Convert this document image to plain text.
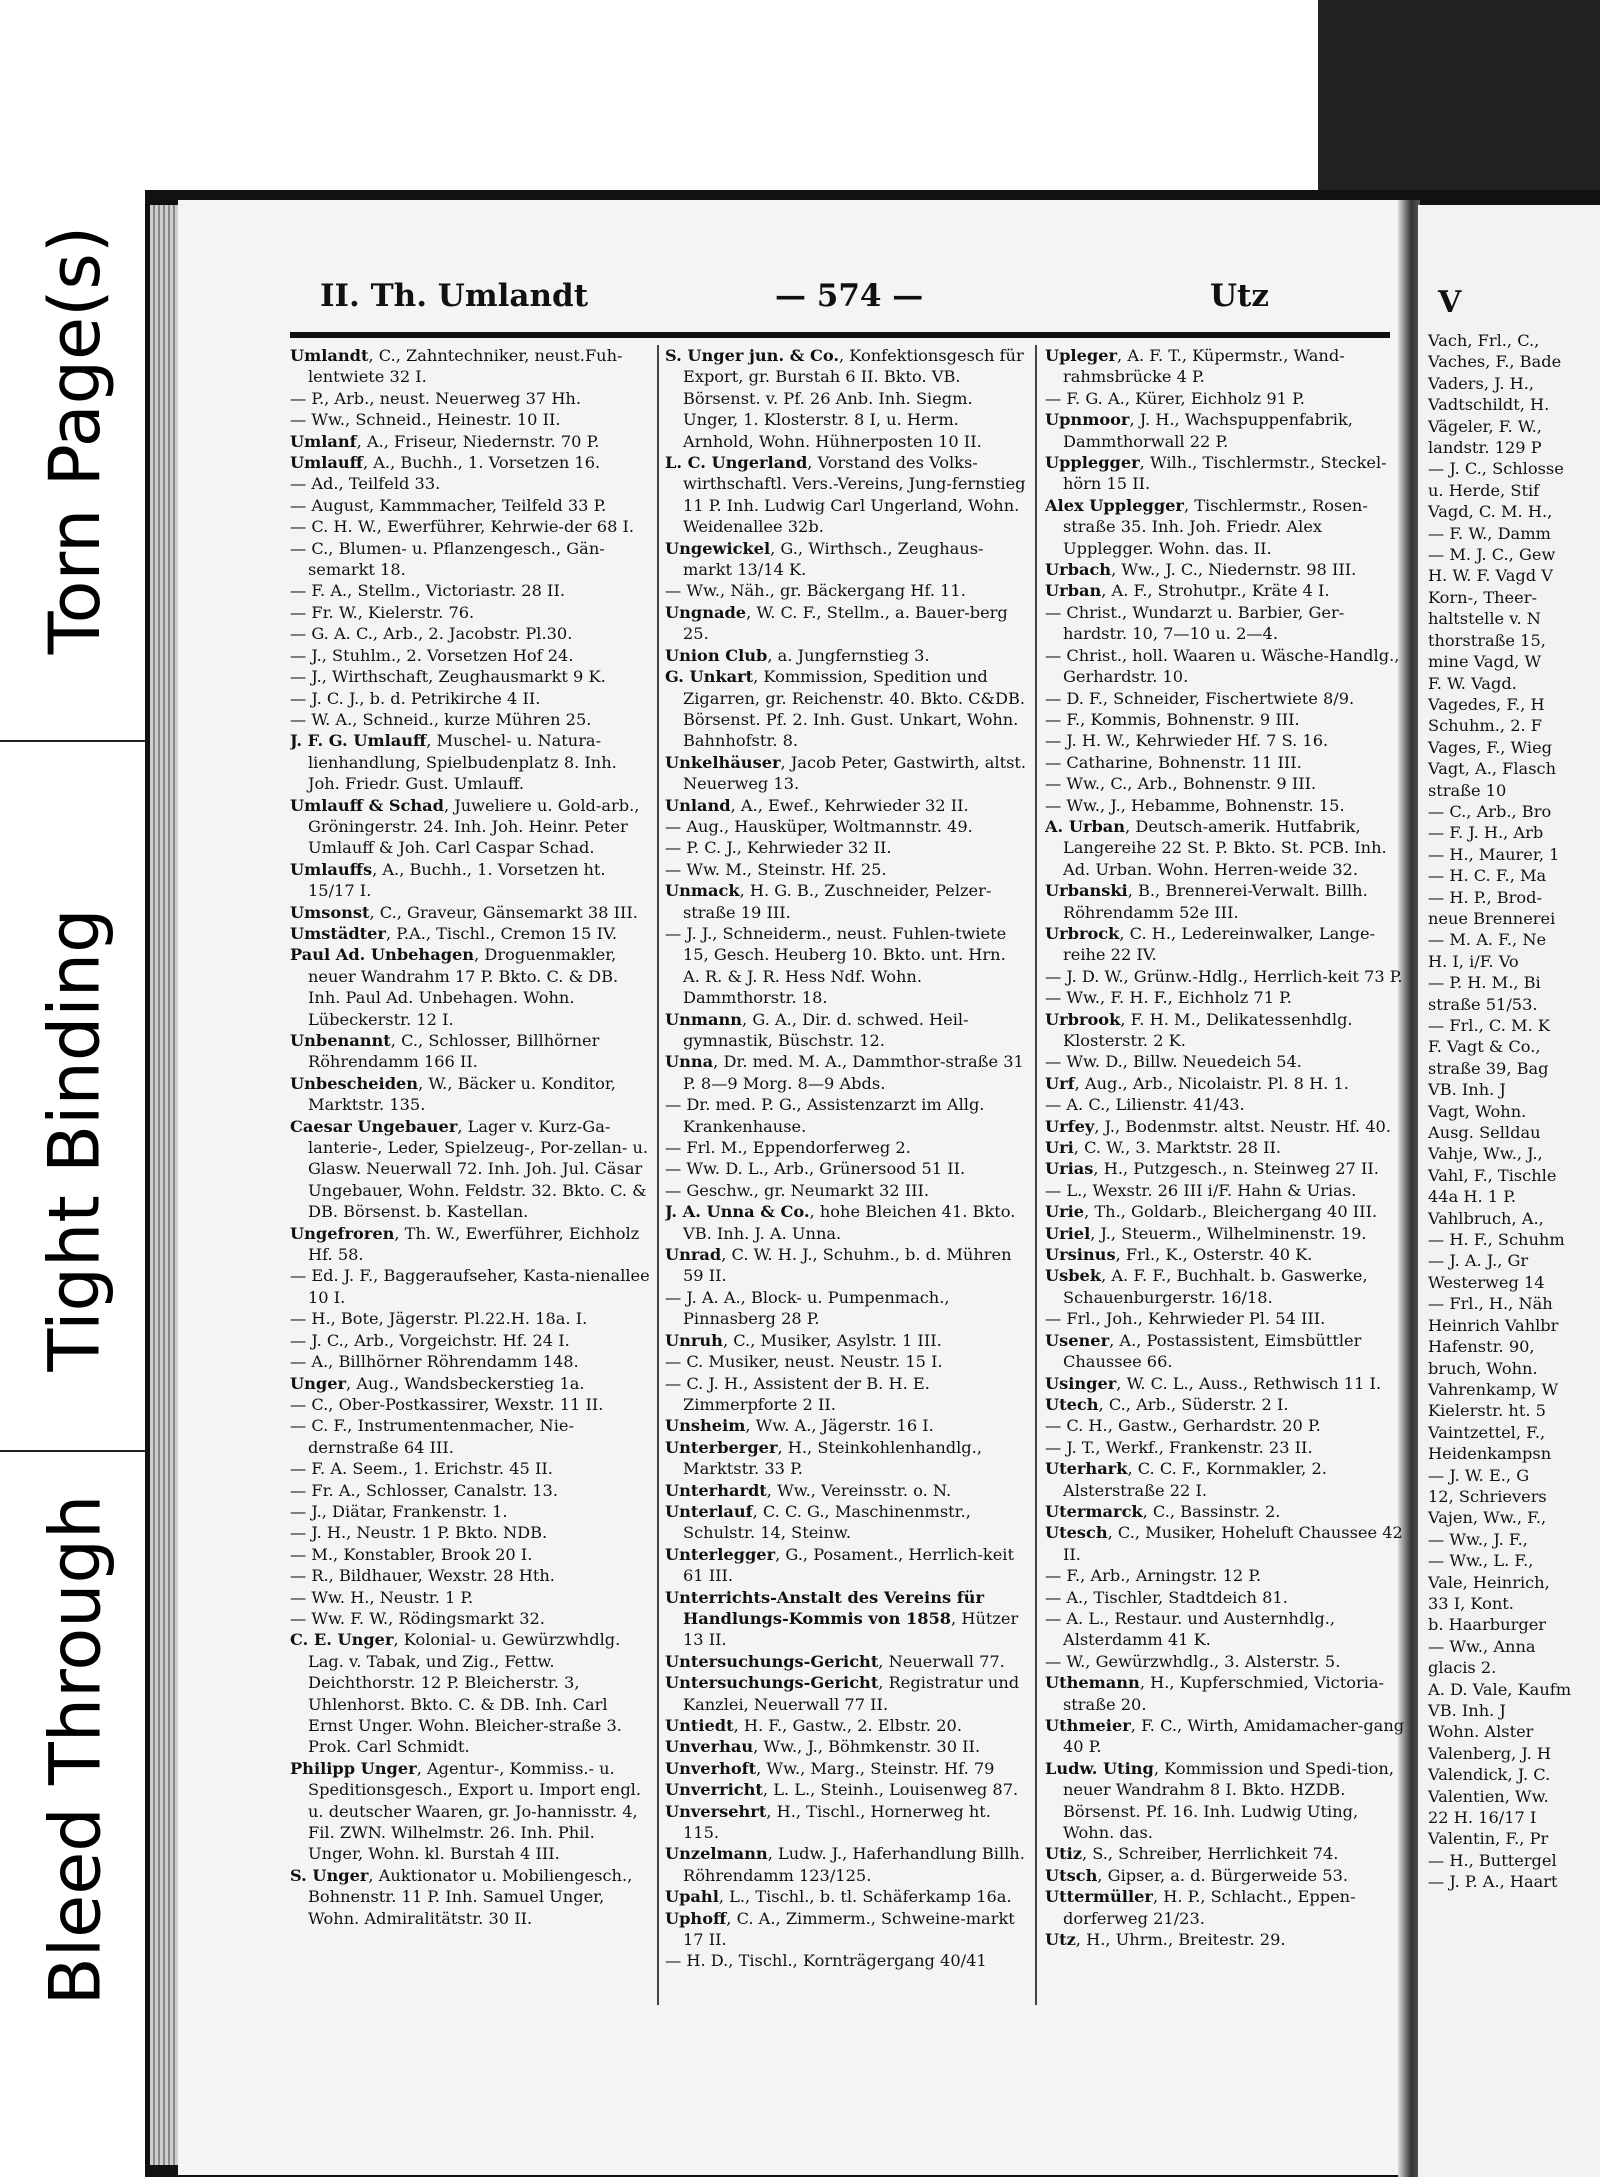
Torn Page(s)
Tight Binding
Bleed Through
V
Vach, Frl., C.,
Vaches, F., Bade
Vaders, J. H.,
Vadtschildt, H.
Vägeler, F. W.,
landstr. 129 P
— J. C., Schlosse
u. Herde, Stif
Vagd, C. M. H.,
— F. W., Damm
— M. J. C., Gew
H. W. F. Vagd V
Korn-, Theer-
haltstelle v. N
thorstraße 15,
mine Vagd, W
F. W. Vagd.
Vagedes, F., H
Schuhm., 2. F
Vages, F., Wieg
Vagt, A., Flasch
straße 10
— C., Arb., Bro
— F. J. H., Arb
— H., Maurer, 1
— H. C. F., Ma
— H. P., Brod-
neue Brennerei
— M. A. F., Ne
H. I, i/F. Vo
— P. H. M., Bi
straße 51/53.
— Frl., C. M. K
F. Vagt & Co.,
straße 39, Bag
VB. Inh. J
Vagt, Wohn.
Ausg. Selldau
Vahje, Ww., J.,
Vahl, F., Tischle
44a H. 1 P.
Vahlbruch, A.,
— H. F., Schuhm
— J. A. J., Gr
Westerweg 14
— Frl., H., Näh
Heinrich Vahlbr
Hafenstr. 90,
bruch, Wohn.
Vahrenkamp, W
Kielerstr. ht. 5
Vaintzettel, F.,
Heidenkampsn
— J. W. E., G
12, Schrievers
Vajen, Ww., F.,
— Ww., J. F.,
— Ww., L. F.,
Vale, Heinrich,
33 I, Kont.
b. Haarburger
— Ww., Anna
glacis 2.
A. D. Vale, Kaufm
VB. Inh. J
Wohn. Alster
Valenberg, J. H
Valendick, J. C.
Valentien, Ww.
22 H. 16/17 I
Valentin, F., Pr
— H., Buttergel
— J. P. A., Haart
II. Th. Umlandt	— 574 —	Utz

Umlandt, C., Zahntechniker, neust.Fuh-lentwiete 32 I.

— P., Arb., neust. Neuerweg 37 Hh.

— Ww., Schneid., Heinestr. 10 II.

Umlanf, A., Friseur, Niedernstr. 70 P.

Umlauff, A., Buchh., 1. Vorsetzen 16.

— Ad., Teilfeld 33.

— August, Kammmacher, Teilfeld 33 P.

— C. H. W., Ewerführer, Kehrwie-der 68 I.

— C., Blumen- u. Pflanzengesch., Gän-semarkt 18.

— F. A., Stellm., Victoriastr. 28 II.

— Fr. W., Kielerstr. 76.

— G. A. C., Arb., 2. Jacobstr. Pl.30.

— J., Stuhlm., 2. Vorsetzen Hof 24.

— J., Wirthschaft, Zeughausmarkt 9 K.

— J. C. J., b. d. Petrikirche 4 II.

— W. A., Schneid., kurze Mühren 25.

J. F. G. Umlauff, Muschel- u. Natura-lienhandlung, Spielbudenplatz 8. Inh. Joh. Friedr. Gust. Umlauff.

Umlauff & Schad, Juweliere u. Gold-arb., Gröningerstr. 24. Inh. Joh. Heinr. Peter Umlauff & Joh. Carl Caspar Schad.

Umlauffs, A., Buchh., 1. Vorsetzen ht. 15/17 I.

Umsonst, C., Graveur, Gänsemarkt 38 III.

Umstädter, P.A., Tischl., Cremon 15 IV.

Paul Ad. Unbehagen, Droguenmakler, neuer Wandrahm 17 P. Bkto. C. & DB. Inh. Paul Ad. Unbehagen. Wohn. Lübeckerstr. 12 I.

Unbenannt, C., Schlosser, Billhörner Röhrendamm 166 II.

Unbescheiden, W., Bäcker u. Konditor, Marktstr. 135.

Caesar Ungebauer, Lager v. Kurz-Ga-lanterie-, Leder, Spielzeug-, Por-zellan- u. Glasw. Neuerwall 72. Inh. Joh. Jul. Cäsar Ungebauer, Wohn. Feldstr. 32. Bkto. C. & DB. Börsenst. b. Kastellan.

Ungefroren, Th. W., Ewerführer, Eichholz Hf. 58.

— Ed. J. F., Baggeraufseher, Kasta-nienallee 10 I.

— H., Bote, Jägerstr. Pl.22.H. 18a. I.

— J. C., Arb., Vorgeichstr. Hf. 24 I.

— A., Billhörner Röhrendamm 148.

Unger, Aug., Wandsbeckerstieg 1a.

— C., Ober-Postkassirer, Wexstr. 11 II.

— C. F., Instrumentenmacher, Nie-dernstraße 64 III.

— F. A. Seem., 1. Erichstr. 45 II.

— Fr. A., Schlosser, Canalstr. 13.

— J., Diätar, Frankenstr. 1.

— J. H., Neustr. 1 P. Bkto. NDB.

— M., Konstabler, Brook 20 I.

— R., Bildhauer, Wexstr. 28 Hth.

— Ww. H., Neustr. 1 P.

— Ww. F. W., Rödingsmarkt 32.

C. E. Unger, Kolonial- u. Gewürzwhdlg. Lag. v. Tabak, und Zig., Fettw. Deichthorstr. 12 P. Bleicherstr. 3, Uhlenhorst. Bkto. C. & DB. Inh. Carl Ernst Unger. Wohn. Bleicher-straße 3. Prok. Carl Schmidt.

Philipp Unger, Agentur-, Kommiss.- u. Speditionsgesch., Export u. Import engl. u. deutscher Waaren, gr. Jo-hannisstr. 4, Fil. ZWN. Wilhelmstr. 26. Inh. Phil. Unger, Wohn. kl. Burstah 4 III.

S. Unger, Auktionator u. Mobiliengesch., Bohnenstr. 11 P. Inh. Samuel Unger, Wohn. Admiralitätstr. 30 II.

S. Unger jun. & Co., Konfektionsgesch für Export, gr. Burstah 6 II. Bkto. VB. Börsenst. v. Pf. 26 Anb. Inh. Siegm. Unger, 1. Klosterstr. 8 I, u. Herm. Arnhold, Wohn. Hühnerposten 10 II.

L. C. Ungerland, Vorstand des Volks-wirthschaftl. Vers.-Vereins, Jung-fernstieg 11 P. Inh. Ludwig Carl Ungerland, Wohn. Weidenallee 32b.

Ungewickel, G., Wirthsch., Zeughaus-markt 13/14 K.

— Ww., Näh., gr. Bäckergang Hf. 11.

Ungnade, W. C. F., Stellm., a. Bauer-berg 25.

Union Club, a. Jungfernstieg 3.

G. Unkart, Kommission, Spedition und Zigarren, gr. Reichenstr. 40. Bkto. C&DB. Börsenst. Pf. 2. Inh. Gust. Unkart, Wohn. Bahnhofstr. 8.

Unkelhäuser, Jacob Peter, Gastwirth, altst. Neuerweg 13.

Unland, A., Ewef., Kehrwieder 32 II.

— Aug., Hausküper, Woltmannstr. 49.

— P. C. J., Kehrwieder 32 II.

— Ww. M., Steinstr. Hf. 25.

Unmack, H. G. B., Zuschneider, Pelzer-straße 19 III.

— J. J., Schneiderm., neust. Fuhlen-twiete 15, Gesch. Heuberg 10. Bkto. unt. Hrn. A. R. & J. R. Hess Ndf. Wohn. Dammthorstr. 18.

Unmann, G. A., Dir. d. schwed. Heil-gymnastik, Büschstr. 12.

Unna, Dr. med. M. A., Dammthor-straße 31 P. 8—9 Morg. 8—9 Abds.

— Dr. med. P. G., Assistenzarzt im Allg. Krankenhause.

— Frl. M., Eppendorferweg 2.

— Ww. D. L., Arb., Grünersood 51 II.

— Geschw., gr. Neumarkt 32 III.

J. A. Unna & Co., hohe Bleichen 41. Bkto. VB. Inh. J. A. Unna.

Unrad, C. W. H. J., Schuhm., b. d. Mühren 59 II.

— J. A. A., Block- u. Pumpenmach., Pinnasberg 28 P.

Unruh, C., Musiker, Asylstr. 1 III.

— C. Musiker, neust. Neustr. 15 I.

— C. J. H., Assistent der B. H. E. Zimmerpforte 2 II.

Unsheim, Ww. A., Jägerstr. 16 I.

Unterberger, H., Steinkohlenhandlg., Marktstr. 33 P.

Unterhardt, Ww., Vereinsstr. o. N.

Unterlauf, C. C. G., Maschinenmstr., Schulstr. 14, Steinw.

Unterlegger, G., Posament., Herrlich-keit 61 III.

Unterrichts-Anstalt des Vereins für Handlungs-Kommis von 1858, Hützer 13 II.

Untersuchungs-Gericht, Neuerwall 77.

Untersuchungs-Gericht, Registratur und Kanzlei, Neuerwall 77 II.

Untiedt, H. F., Gastw., 2. Elbstr. 20.

Unverhau, Ww., J., Böhmkenstr. 30 II.

Unverhoft, Ww., Marg., Steinstr. Hf. 79

Unverricht, L. L., Steinh., Louisenweg 87.

Unversehrt, H., Tischl., Hornerweg ht. 115.

Unzelmann, Ludw. J., Haferhandlung Billh. Röhrendamm 123/125.

Upahl, L., Tischl., b. tl. Schäferkamp 16a.

Uphoff, C. A., Zimmerm., Schweine-markt 17 II.

— H. D., Tischl., Kornträgergang 40/41

Upleger, A. F. T., Küpermstr., Wand-rahmsbrücke 4 P.

— F. G. A., Kürer, Eichholz 91 P.

Upnmoor, J. H., Wachspuppenfabrik, Dammthorwall 22 P.

Upplegger, Wilh., Tischlermstr., Steckel-hörn 15 II.

Alex Upplegger, Tischlermstr., Rosen-straße 35. Inh. Joh. Friedr. Alex Upplegger. Wohn. das. II.

Urbach, Ww., J. C., Niedernstr. 98 III.

Urban, A. F., Strohutpr., Kräte 4 I.

— Christ., Wundarzt u. Barbier, Ger-hardstr. 10, 7—10 u. 2—4.

— Christ., holl. Waaren u. Wäsche-Handlg., Gerhardstr. 10.

— D. F., Schneider, Fischertwiete 8/9.

— F., Kommis, Bohnenstr. 9 III.

— J. H. W., Kehrwieder Hf. 7 S. 16.

— Catharine, Bohnenstr. 11 III.

— Ww., C., Arb., Bohnenstr. 9 III.

— Ww., J., Hebamme, Bohnenstr. 15.

A. Urban, Deutsch-amerik. Hutfabrik, Langereihe 22 St. P. Bkto. St. PCB. Inh. Ad. Urban. Wohn. Herren-weide 32.

Urbanski, B., Brennerei-Verwalt. Billh. Röhrendamm 52e III.

Urbrock, C. H., Ledereinwalker, Lange-reihe 22 IV.

— J. D. W., Grünw.-Hdlg., Herrlich-keit 73 P.

— Ww., F. H. F., Eichholz 71 P.

Urbrook, F. H. M., Delikatessenhdlg. Klosterstr. 2 K.

— Ww. D., Billw. Neuedeich 54.

Urf, Aug., Arb., Nicolaistr. Pl. 8 H. 1.

— A. C., Lilienstr. 41/43.

Urfey, J., Bodenmstr. altst. Neustr. Hf. 40.

Uri, C. W., 3. Marktstr. 28 II.

Urias, H., Putzgesch., n. Steinweg 27 II.

— L., Wexstr. 26 III i/F. Hahn & Urias.

Urie, Th., Goldarb., Bleichergang 40 III.

Uriel, J., Steuerm., Wilhelminenstr. 19.

Ursinus, Frl., K., Osterstr. 40 K.

Usbek, A. F. F., Buchhalt. b. Gaswerke, Schauenburgerstr. 16/18.

— Frl., Joh., Kehrwieder Pl. 54 III.

Usener, A., Postassistent, Eimsbüttler Chaussee 66.

Usinger, W. C. L., Auss., Rethwisch 11 I.

Utech, C., Arb., Süderstr. 2 I.

— C. H., Gastw., Gerhardstr. 20 P.

— J. T., Werkf., Frankenstr. 23 II.

Uterhark, C. C. F., Kornmakler, 2. Alsterstraße 22 I.

Utermarck, C., Bassinstr. 2.

Utesch, C., Musiker, Hoheluft Chaussee 42 II.

— F., Arb., Arningstr. 12 P.

— A., Tischler, Stadtdeich 81.

— A. L., Restaur. und Austernhdlg., Alsterdamm 41 K.

— W., Gewürzwhdlg., 3. Alsterstr. 5.

Uthemann, H., Kupferschmied, Victoria-straße 20.

Uthmeier, F. C., Wirth, Amidamacher-gang 40 P.

Ludw. Uting, Kommission und Spedi-tion, neuer Wandrahm 8 I. Bkto. HZDB. Börsenst. Pf. 16. Inh. Ludwig Uting, Wohn. das.

Utiz, S., Schreiber, Herrlichkeit 74.

Utsch, Gipser, a. d. Bürgerweide 53.

Uttermüller, H. P., Schlacht., Eppen-dorferweg 21/23.

Utz, H., Uhrm., Breitestr. 29.
